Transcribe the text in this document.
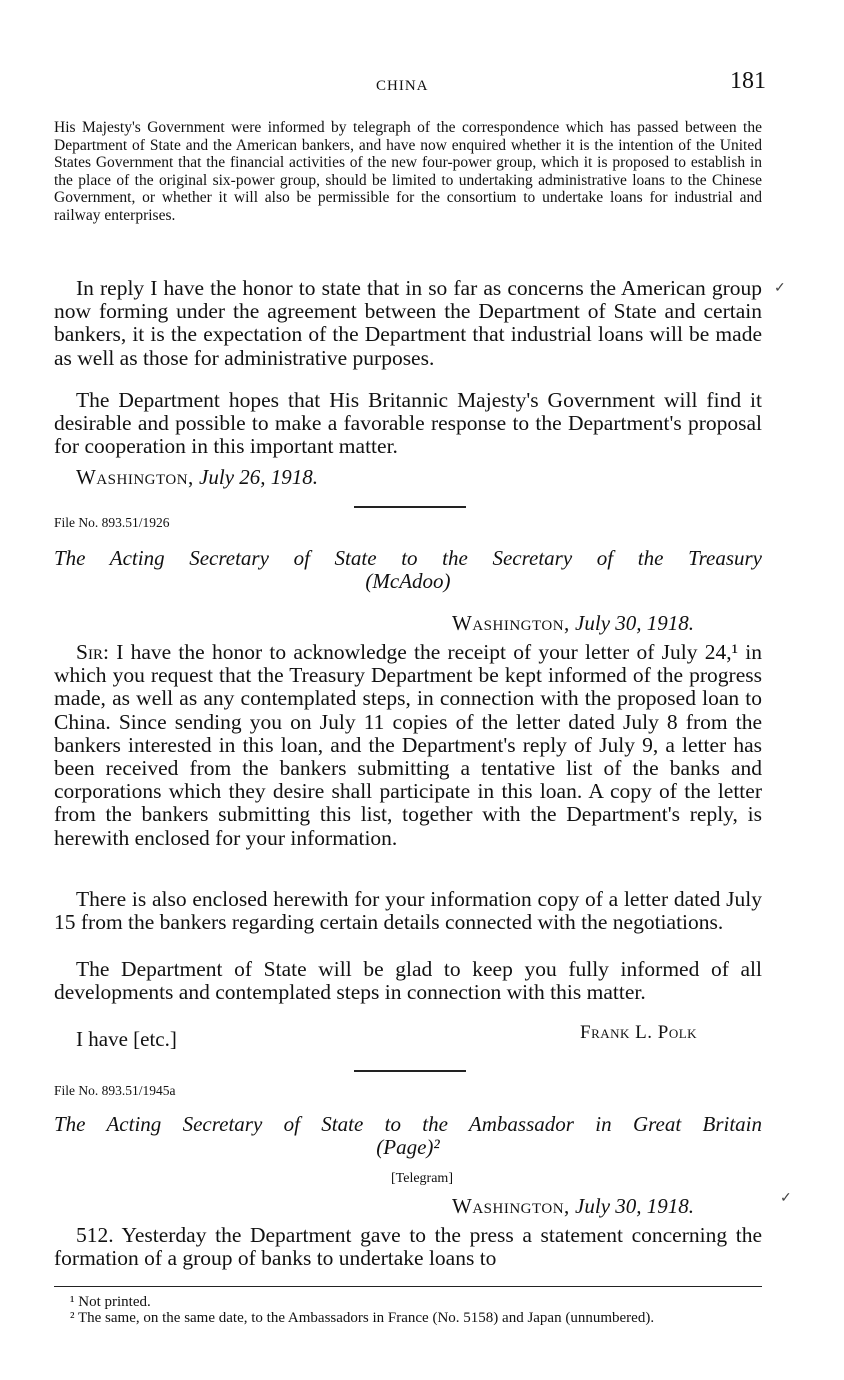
CHINA	181

His Majesty's Government were informed by telegraph of the correspondence which has passed between the Department of State and the American bankers, and have now enquired whether it is the intention of the United States Government that the financial activities of the new four-power group, which it is proposed to establish in the place of the original six-power group, should be limited to undertaking administrative loans to the Chinese Government, or whether it will also be permissible for the consortium to undertake loans for industrial and railway enterprises.

In reply I have the honor to state that in so far as concerns the American group now forming under the agreement between the Department of State and certain bankers, it is the expectation of the Department that industrial loans will be made as well as those for administrative purposes.

✓

The Department hopes that His Britannic Majesty's Government will find it desirable and possible to make a favorable response to the Department's proposal for cooperation in this important matter.

Washington, July 26, 1918.
File No. 893.51/1926
The Acting Secretary of State to the Secretary of the Treasury
(McAdoo)
Washington, July 30, 1918.

Sir: I have the honor to acknowledge the receipt of your letter of July 24,¹ in which you request that the Treasury Department be kept informed of the progress made, as well as any contemplated steps, in connection with the proposed loan to China. Since sending you on July 11 copies of the letter dated July 8 from the bankers interested in this loan, and the Department's reply of July 9, a letter has been received from the bankers submitting a tentative list of the banks and corporations which they desire shall participate in this loan. A copy of the letter from the bankers submitting this list, together with the Department's reply, is herewith enclosed for your information.

There is also enclosed herewith for your information copy of a letter dated July 15 from the bankers regarding certain details connected with the negotiations.

The Department of State will be glad to keep you fully informed of all developments and contemplated steps in connection with this matter.

I have [etc.]	Frank L. Polk
File No. 893.51/1945a
The Acting Secretary of State to the Ambassador in Great Britain
(Page)²
[Telegram]
Washington, July 30, 1918.	✓

512. Yesterday the Department gave to the press a statement concerning the formation of a group of banks to undertake loans to

¹ Not printed.

² The same, on the same date, to the Ambassadors in France (No. 5158) and Japan (unnumbered).
